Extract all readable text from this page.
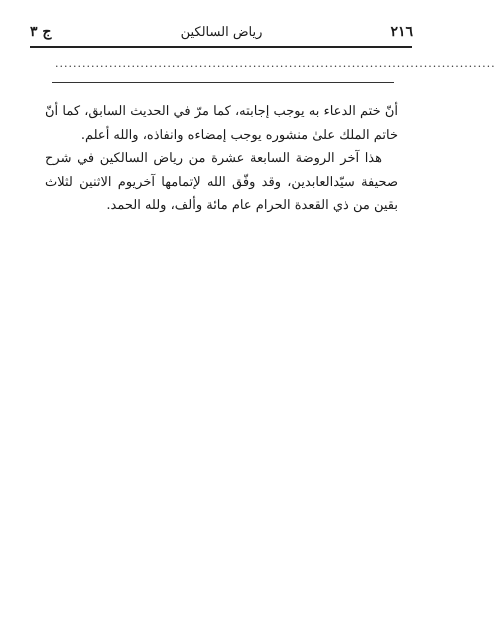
٢١٦
رياض السالكين
ج ٣
..................................................................................................

أنّ ختم الدعاء به يوجب إجابته، كما مرّ في الحديث السابق، كما أنّ خاتم الملك علىٰ منشوره يوجب إمضاءه وانفاذه، والله أعلم.

هذا آخر الروضة السابعة عشرة من رياض السالكين في شرح صحيفة سيّدالعابدين، وقد وفّق الله لإتمامها آخريوم الاثنين لثلاث بقين من ذي القعدة الحرام عام مائة وألف، ولله الحمد.
